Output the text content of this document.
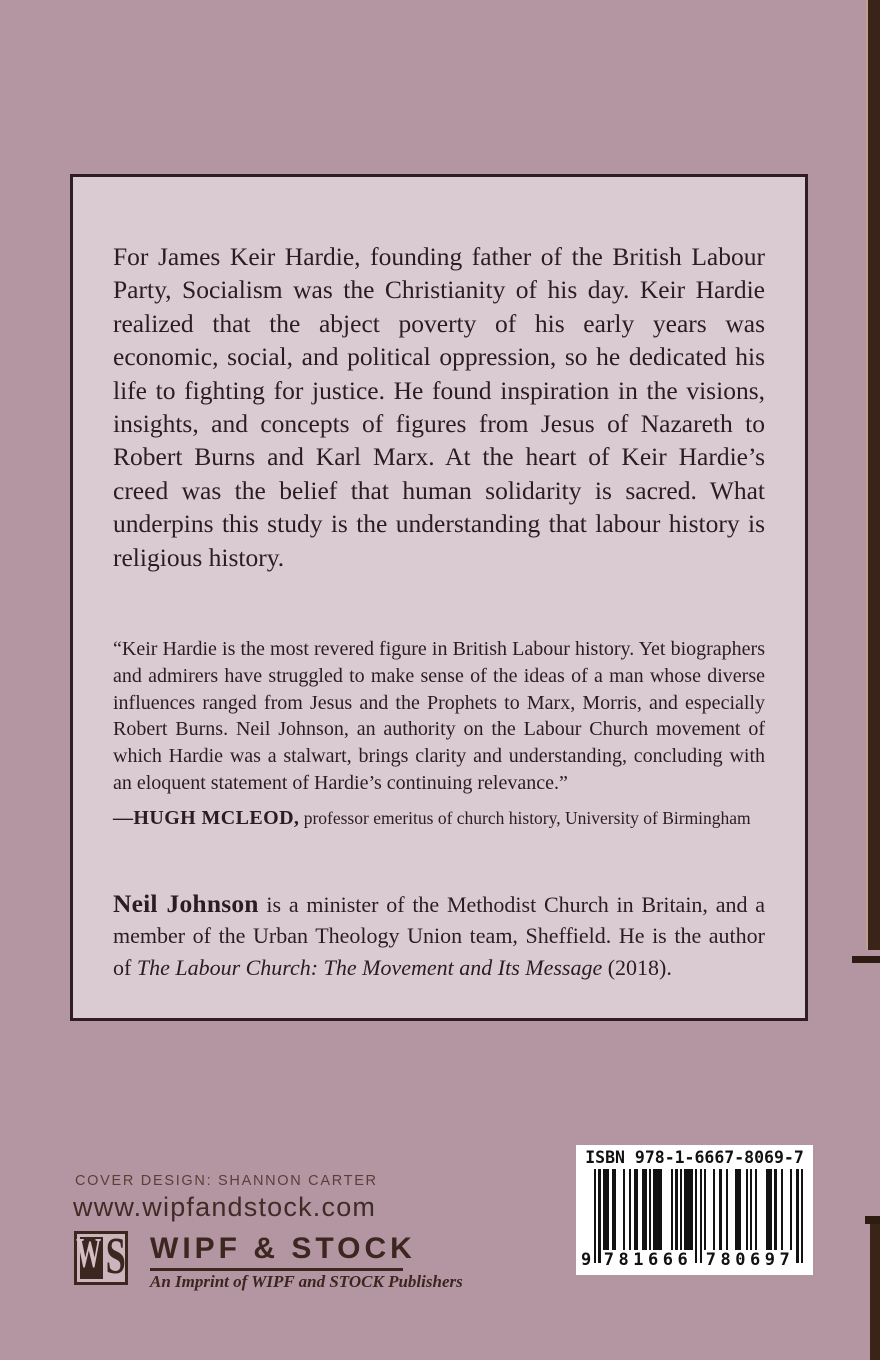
For James Keir Hardie, founding father of the British Labour Party, Socialism was the Christianity of his day. Keir Hardie realized that the abject poverty of his early years was economic, social, and political oppression, so he dedicated his life to fighting for justice. He found inspiration in the visions, insights, and concepts of figures from Jesus of Nazareth to Robert Burns and Karl Marx. At the heart of Keir Hardie’s creed was the belief that human solidarity is sacred. What underpins this study is the understanding that labour history is religious history.

“Keir Hardie is the most revered figure in British Labour history. Yet biographers and admirers have struggled to make sense of the ideas of a man whose diverse influences ranged from Jesus and the Prophets to Marx, Morris, and especially Robert Burns. Neil Johnson, an authority on the Labour Church movement of which Hardie was a stalwart, brings clarity and understanding, concluding with an eloquent statement of Hardie’s continuing relevance.”

—HUGH MCLEOD, professor emeritus of church history, University of Birmingham

Neil Johnson is a minister of the Methodist Church in Britain, and a member of the Urban Theology Union team, Sheffield. He is the author of The Labour Church: The Movement and Its Message (2018).

COVER DESIGN: SHANNON CARTER
www.wipfandstock.com
W S WIPF & STOCK
An Imprint of WIPF and STOCK Publishers
ISBN 978-1-6667-8069-7
9 781666 780697
